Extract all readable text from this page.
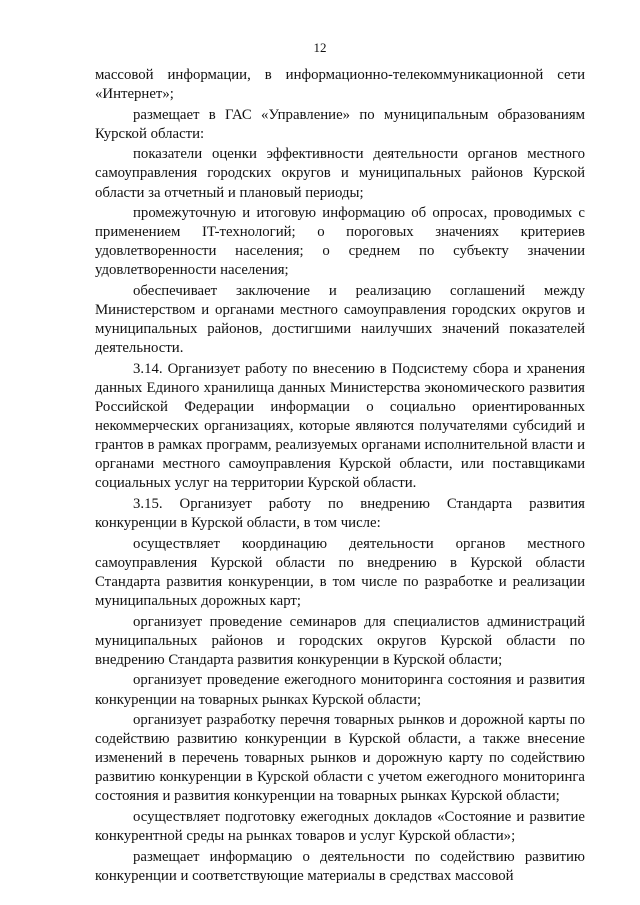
12

массовой информации, в информационно-телекоммуникационной сети «Интернет»;

размещает в ГАС «Управление» по муниципальным образованиям Курской области:

показатели оценки эффективности деятельности органов местного самоуправления городских округов и муниципальных районов Курской области за отчетный и плановый периоды;

промежуточную и итоговую информацию об опросах, проводимых с применением IT-технологий; о пороговых значениях критериев удовлетворенности населения; о среднем по субъекту значении удовлетворенности населения;

обеспечивает заключение и реализацию соглашений между Министерством и органами местного самоуправления городских округов и муниципальных районов, достигшими наилучших значений показателей деятельности.

3.14. Организует работу по внесению в Подсистему сбора и хранения данных Единого хранилища данных Министерства экономического развития Российской Федерации информации о социально ориентированных некоммерческих организациях, которые являются получателями субсидий и грантов в рамках программ, реализуемых органами исполнительной власти и органами местного самоуправления Курской области, или поставщиками социальных услуг на территории Курской области.

3.15. Организует работу по внедрению Стандарта развития конкуренции в Курской области, в том числе:

осуществляет координацию деятельности органов местного самоуправления Курской области по внедрению в Курской области Стандарта развития конкуренции, в том числе по разработке и реализации муниципальных дорожных карт;

организует проведение семинаров для специалистов администраций муниципальных районов и городских округов Курской области по внедрению Стандарта развития конкуренции в Курской области;

организует проведение ежегодного мониторинга состояния и развития конкуренции на товарных рынках Курской области;

организует разработку перечня товарных рынков и дорожной карты по содействию развитию конкуренции в Курской области, а также внесение изменений в перечень товарных рынков и дорожную карту по содействию развитию конкуренции в Курской области с учетом ежегодного мониторинга состояния и развития конкуренции на товарных рынках Курской области;

осуществляет подготовку ежегодных докладов «Состояние и развитие конкурентной среды на рынках товаров и услуг Курской области»;

размещает информацию о деятельности по содействию развитию конкуренции и соответствующие материалы в средствах массовой
